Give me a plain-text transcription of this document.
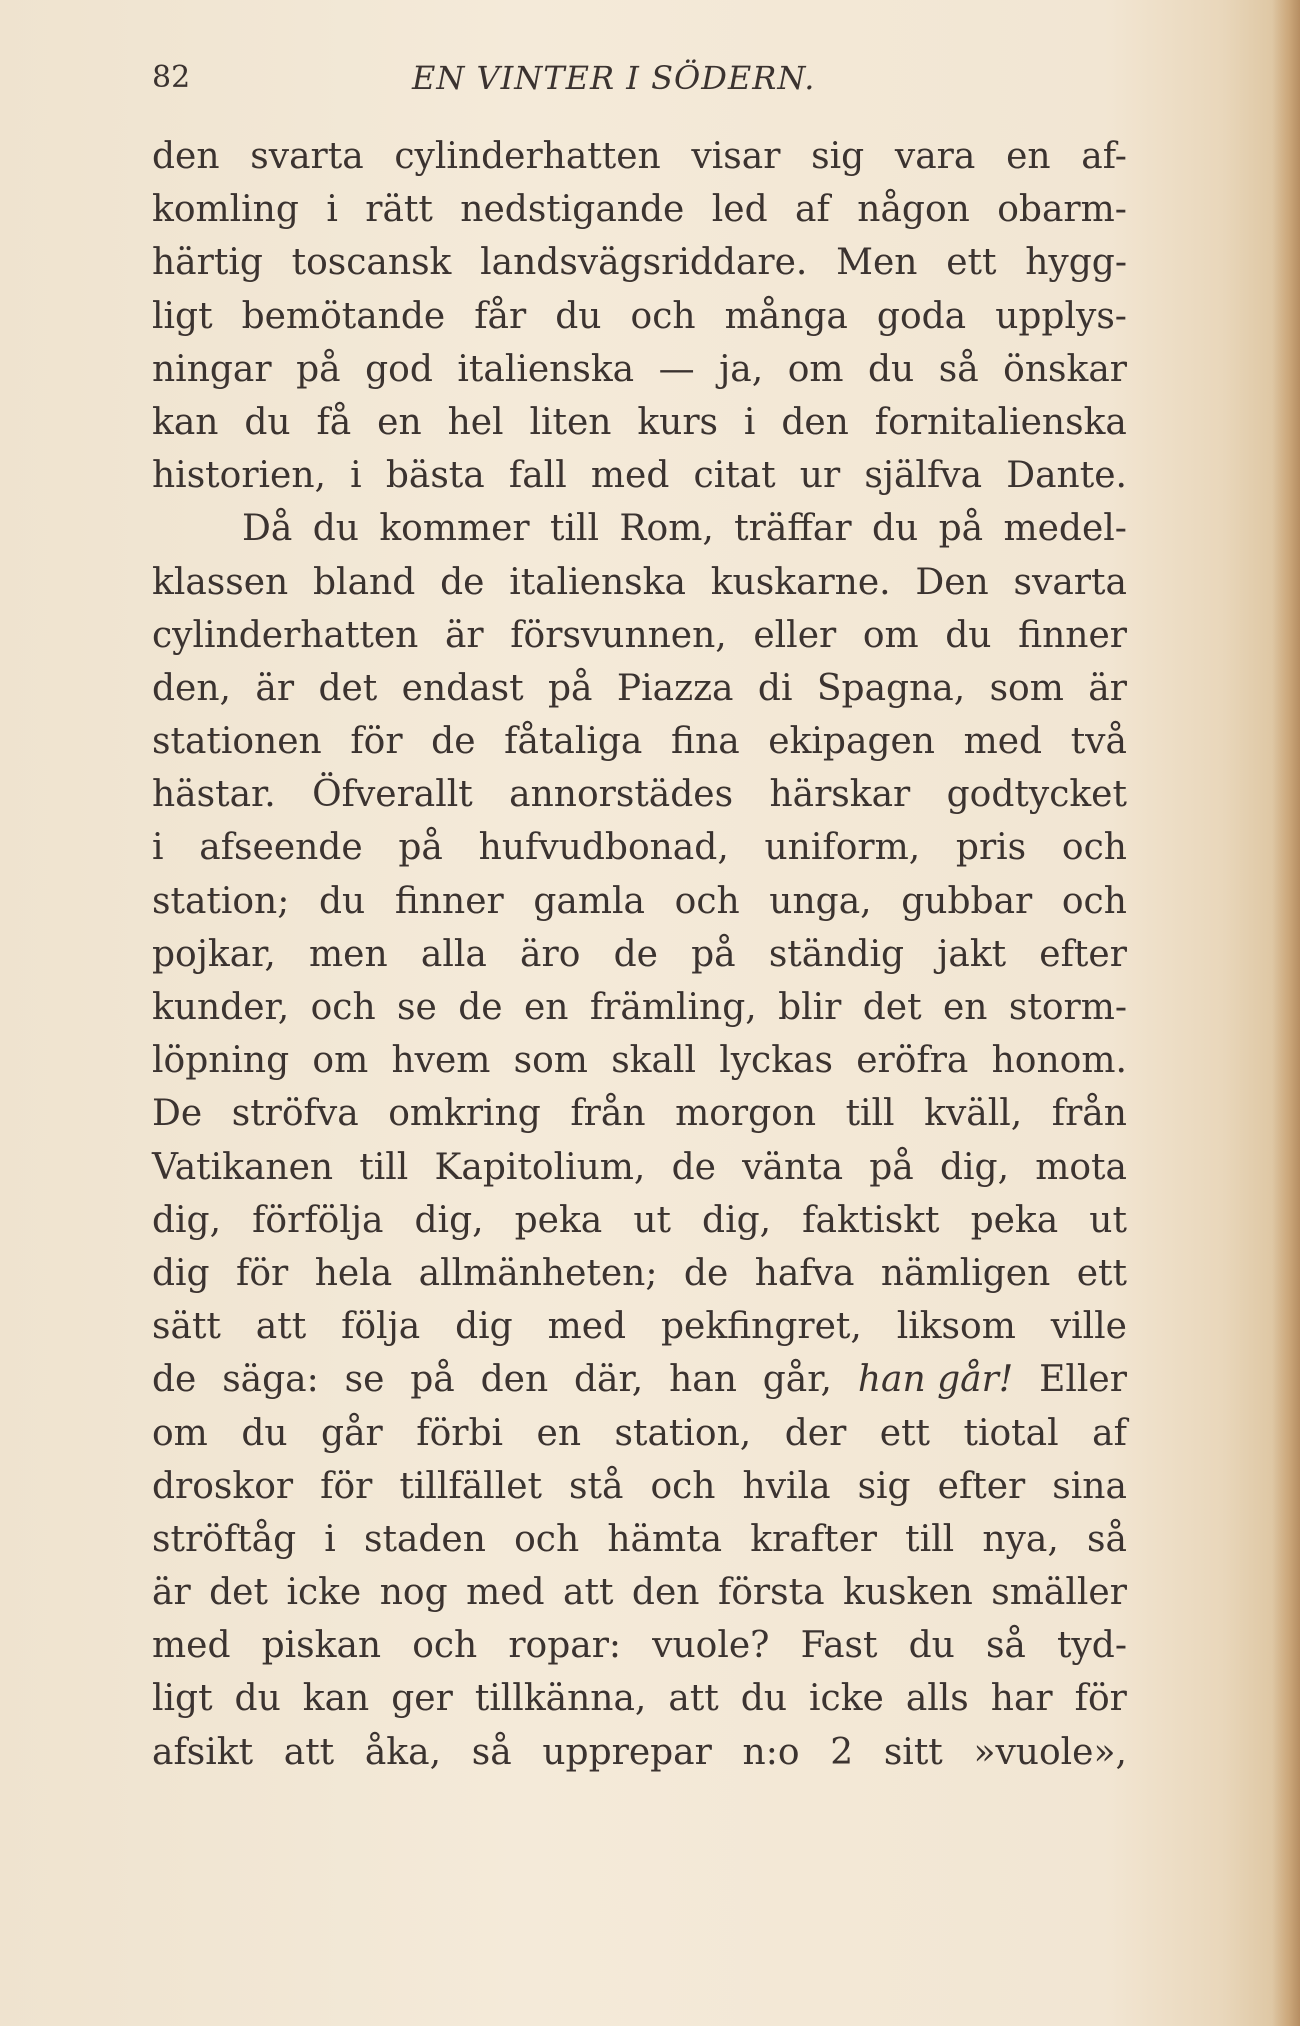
82	EN VINTER I SÖDERN.
den svarta cylinderhatten visar sig vara en af-
komling i rätt nedstigande led af någon obarm-
härtig toscansk landsvägsriddare. Men ett hygg-
ligt bemötande får du och många goda upplys-
ningar på god italienska — ja, om du så önskar
kan du få en hel liten kurs i den fornitalienska
historien, i bästa fall med citat ur själfva Dante.
Då du kommer till Rom, träffar du på medel-
klassen bland de italienska kuskarne. Den svarta
cylinderhatten är försvunnen, eller om du finner
den, är det endast på Piazza di Spagna, som är
stationen för de fåtaliga fina ekipagen med två
hästar. Öfverallt annorstädes härskar godtycket
i afseende på hufvudbonad, uniform, pris och
station; du finner gamla och unga, gubbar och
pojkar, men alla äro de på ständig jakt efter
kunder, och se de en främling, blir det en storm-
löpning om hvem som skall lyckas eröfra honom.
De ströfva omkring från morgon till kväll, från
Vatikanen till Kapitolium, de vänta på dig, mota
dig, förfölja dig, peka ut dig, faktiskt peka ut
dig för hela allmänheten; de hafva nämligen ett
sätt att följa dig med pekfingret, liksom ville
de säga: se på den där, han går, han går! Eller
om du går förbi en station, der ett tiotal af
droskor för tillfället stå och hvila sig efter sina
ströftåg i staden och hämta krafter till nya, så
är det icke nog med att den första kusken smäller
med piskan och ropar: vuole? Fast du så tyd-
ligt du kan ger tillkänna, att du icke alls har för
afsikt att åka, så upprepar n:o 2 sitt »vuole»,
